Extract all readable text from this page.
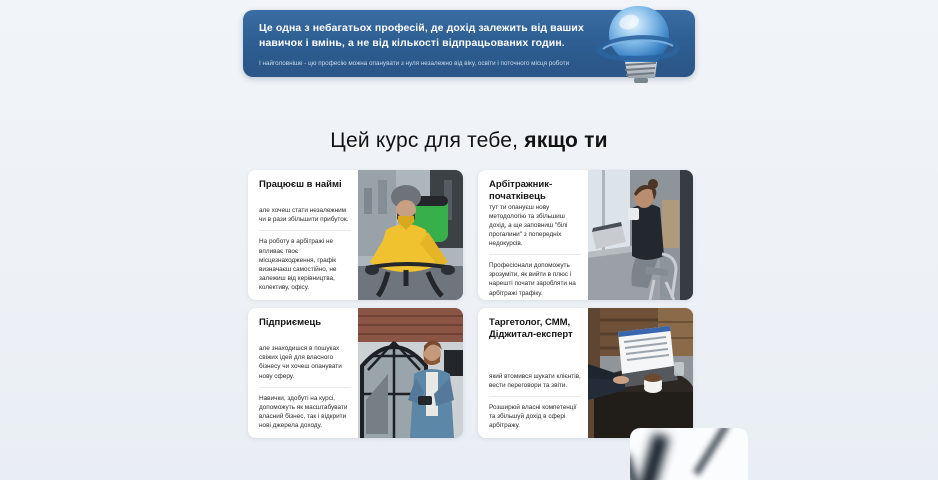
Це одна з небагатьох професій, де дохід залежить від ваших навичок і вмінь, а не від кількості відпрацьованих годин.

І найголовніше - цю професію можна опанувати з нуля незалежно від віку, освіти і поточного місця роботи

Цей курс для тебе, якщо ти
Працюєш в наймі

але хочеш стати незалежним чи в рази збільшити прибуток.

На роботу в арбітражі не впливає твоє місцезнаходження, графік визначаєш самостійно, не залежиш від керівництва, колективу, офісу.

Арбітражник-початківець

тут ти опануєш нову методологію та збільшиш дохід, а ще заповниш "білі прогалини" з попередніх недокурсів.

Професіонали допоможуть зрозуміти, як вийти в плюс і нарешті почати заробляти на арбітражі трафіку.

Підприємець

але знаходишся в пошуках свіжих ідей для власного бізнесу чи хочеш опанувати нову сферу.

Навички, здобуті на курсі, допоможуть як масштабувати власний бізнес, так і відкрити нові джерела доходу.

Таргетолог, СММ, Діджитал-експерт

який втомився шукати клієнтів, вести переговори та звіти.

Розширюй власні компетенції та збільшуй дохід в сфері арбітражу.
